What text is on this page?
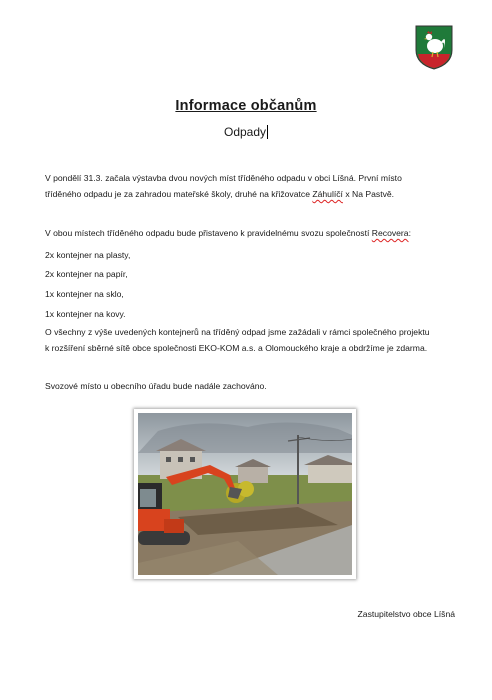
Informace občanům
Odpady
V pondělí 31.3. začala výstavba dvou nových míst tříděného odpadu v obci Líšná. První místo
tříděného odpadu je za zahradou mateřské školy, druhé na křižovatce Záhulíčí x Na Pastvě.
V obou místech tříděného odpadu bude přistaveno k pravidelnému svozu společností Recovera:
2x kontejner na plasty,
2x kontejner na papír,
1x kontejner na sklo,
1x kontejner na kovy.
O všechny z výše uvedených kontejnerů na tříděný odpad jsme zažádali v rámci společného projektu
k rozšíření sběrné sítě obce společnosti EKO-KOM a.s. a Olomouckého kraje a obdržíme je zdarma.
Svozové místo u obecního úřadu bude nadále zachováno.
Zastupitelstvo obce Líšná
